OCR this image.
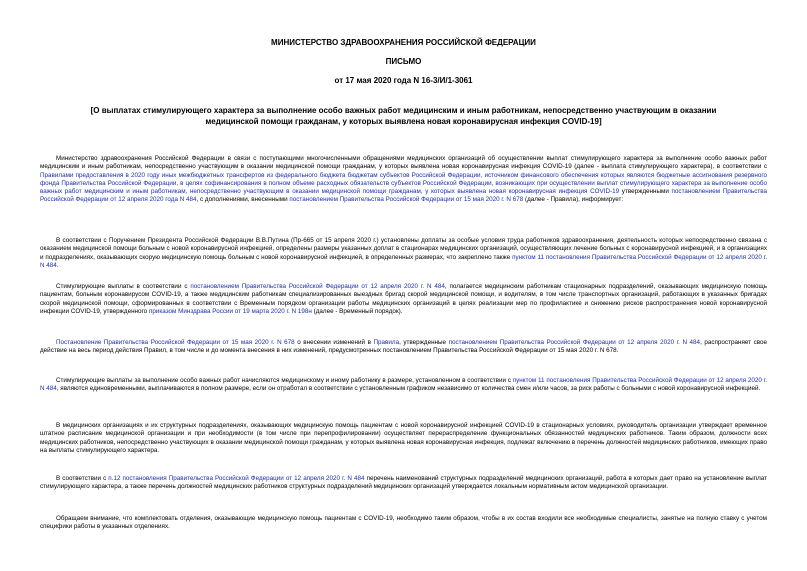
МИНИСТЕРСТВО ЗДРАВООХРАНЕНИЯ РОССИЙСКОЙ ФЕДЕРАЦИИ
ПИСЬМО
от 17 мая 2020 года N 16-3/И/1-3061
[О выплатах стимулирующего характера за выполнение особо важных работ медицинским и иным работникам, непосредственно участвующим в оказании медицинской помощи гражданам, у которых выявлена новая коронавирусная инфекция COVID-19]
Министерство здравоохранения Российской Федерации в связи с поступающими многочисленными обращениями медицинских организаций об осуществлении выплат стимулирующего характера за выполнение особо важных работ медицинским и иным работникам, непосредственно участвующим в оказании медицинской помощи гражданам, у которых выявлена новая коронавирусная инфекция COVID-19 (далее - выплата стимулирующего характера), в соответствии с Правилами предоставления в 2020 году иных межбюджетных трансфертов из федерального бюджета бюджетам субъектов Российской Федерации, источником финансового обеспечения которых являются бюджетные ассигнования резервного фонда Правительства Российской Федерации, в целях софинансирования в полном объеме расходных обязательств субъектов Российской Федерации, возникающих при осуществлении выплат стимулирующего характера за выполнение особо важных работ медицинским и иным работникам, непосредственно участвующим в оказании медицинской помощи гражданам, у которых выявлена новая коронавирусная инфекция COVID-19 утвержденными постановлением Правительства Российской Федерации от 12 апреля 2020 года N 484, с дополнениями, внесенными постановлением Правительства Российской Федерации от 15 мая 2020 г. N 678 (далее - Правила), информирует:
В соответствии с Поручением Президента Российской Федерации В.В.Путина (Пр-665 от 15 апреля 2020 г.) установлены доплаты за особые условия труда работников здравоохранения, деятельность которых непосредственно связана с оказанием медицинской помощи больным с новой коронавирусной инфекцией, определены размеры указанных доплат в стационарах медицинских организаций, осуществляющих лечение больных с коронавирусной инфекцией, и в организациях и подразделениях, оказывающих скорую медицинскую помощь больным с новой коронавирусной инфекцией, в определенных размерах, что закреплено также пунктом 11 постановления Правительства Российской Федерации от 12 апреля 2020 г. N 484.
Стимулирующие выплаты в соответствии с постановлением Правительства Российской Федерации от 12 апреля 2020 г. N 484, полагается медицинским работникам стационарных подразделений, оказывающих медицинскую помощь пациентам, больным коронавирусом COVID-19, а также медицинским работникам специализированных выездных бригад скорой медицинской помощи, и водителям, в том числе транспортных организаций, работающих в указанных бригадах скорой медицинской помощи, сформированных в соответствии с Временным порядком организации работы медицинских организаций в целях реализации мер по профилактике и снижению рисков распространения новой коронавирусной инфекции COVID-19, утвержденного приказом Минздрава России от 19 марта 2020 г. N 198н (далее - Временный порядок).
Постановление Правительства Российской Федерации от 15 мая 2020 г. N 678 о внесении изменений в Правила, утвержденные постановлением Правительства Российской Федерации от 12 апреля 2020 г. N 484, распространяет свое действие на весь период действия Правил, в том числе и до момента внесения в них изменений, предусмотренных постановлением Правительства Российской Федерации от 15 мая 2020 г. N 678.
Стимулирующие выплаты за выполнение особо важных работ начисляются медицинскому и иному работнику в размере, установленном в соответствии с пунктом 11 постановления Правительства Российской Федерации от 12 апреля 2020 г. N 484, являются единовременными, выплачиваются в полном размере, если он отработал в соответствии с установленным графиком независимо от количества смен и/или часов, за риск работы с больными с новой коронавирусной инфекцией.
В медицинских организациях и их структурных подразделениях, оказывающих медицинскую помощь пациентам с новой коронавирусной инфекцией COVID-19 в стационарных условиях, руководитель организации утверждает временное штатное расписание медицинской организации и при необходимости (в том числе при перепрофилировании) осуществляет перераспределение функциональных обязанностей медицинских работников. Таким образом, должности всех медицинских работников, непосредственно участвующих в оказании медицинской помощи гражданам, у которых выявлена новая коронавирусная инфекция, подлежат включению в перечень должностей медицинских работников, имеющих право на выплаты стимулирующего характера.
В соответствии с п.12 постановления Правительства Российской Федерации от 12 апреля 2020 г. N 484 перечень наименований структурных подразделений медицинских организаций, работа в которых дает право на установление выплат стимулирующего характера, а также перечень должностей медицинских работников структурных подразделений медицинских организаций утверждается локальным нормативным актом медицинской организации.
Обращаем внимание, что комплектовать отделения, оказывающие медицинскую помощь пациентам с COVID-19, необходимо таким образом, чтобы в их состав входили все необходимые специалисты, занятые на полную ставку с учетом специфики работы в указанных отделениях.
